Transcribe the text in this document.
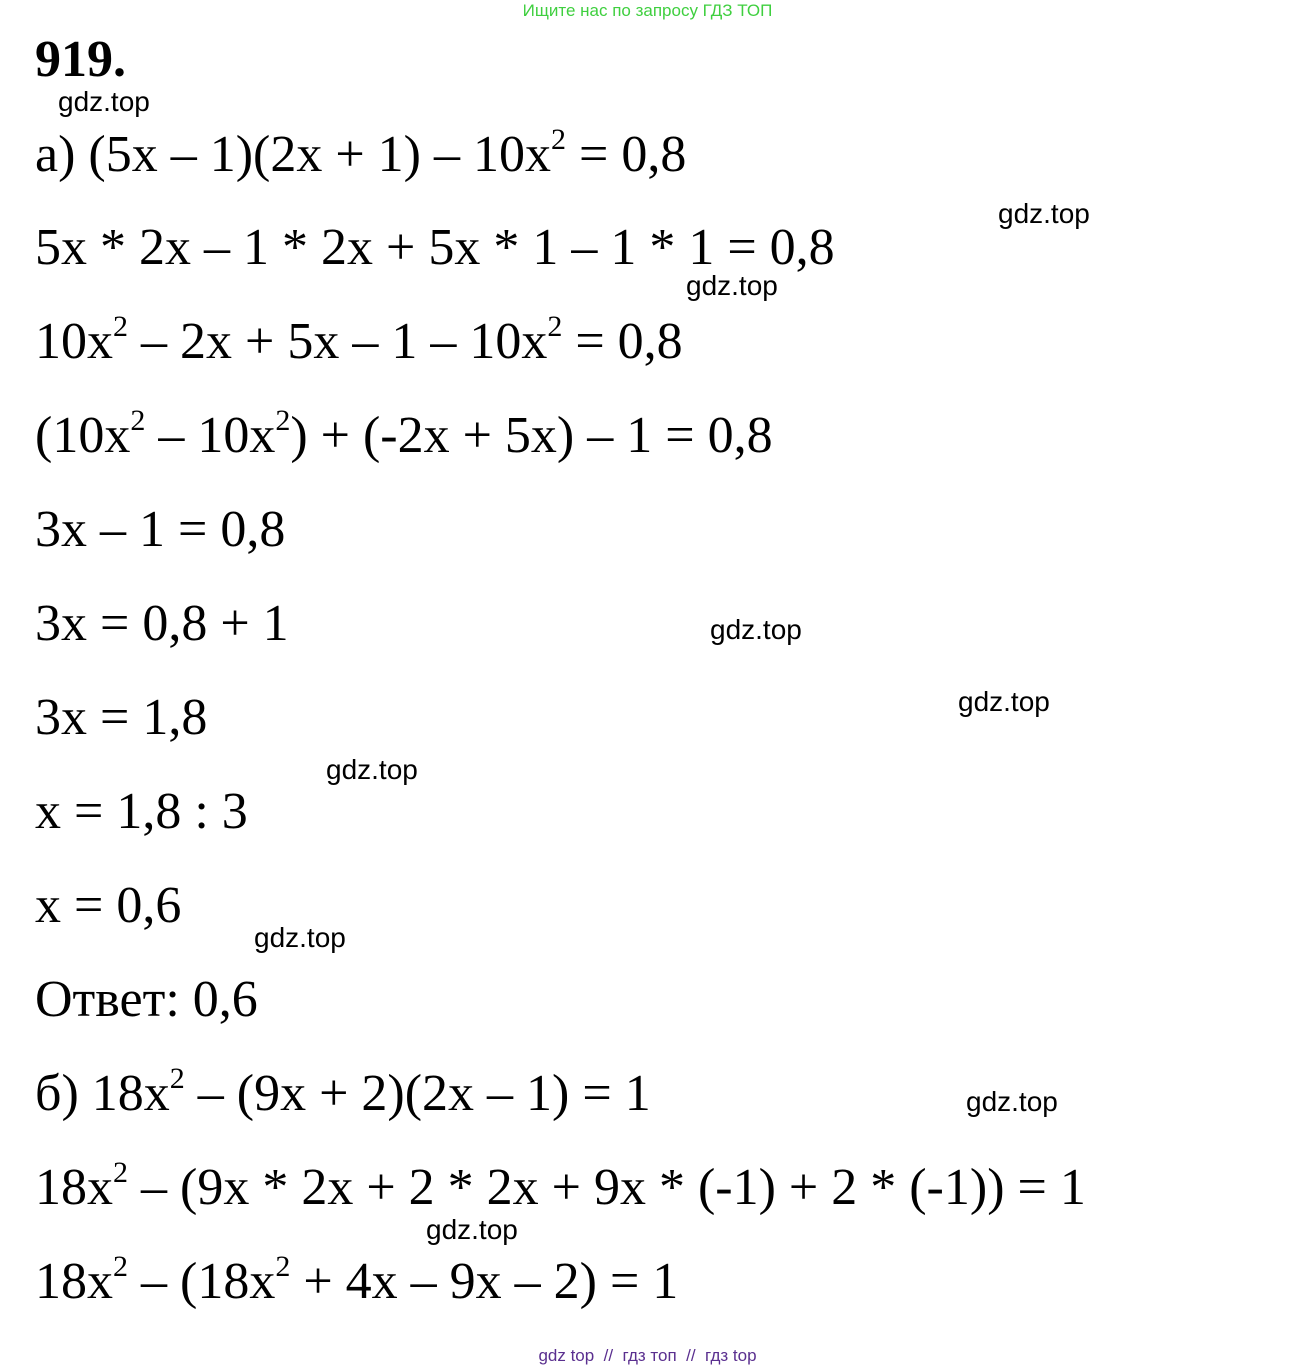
Ищите нас по запросу ГДЗ ТОП
919.
а) $(5x - 1)(2x + 1) - 10x^2 = 0,8$
5x * 2x – 1 * 2x + 5x * 1 – 1 * 1 = 0,8
$10x^2 - 2x + 5x - 1 - 10x^2 = 0,8$
$(10x^2 - 10x^2) + (-2x + 5x) - 1 = 0,8$
3x – 1 = 0,8
3x = 0,8 + 1
3x = 1,8
x = 1,8 : 3
x = 0,6
Ответ: 0,6
б) $18x^2 - (9x + 2)(2x - 1) = 1$
$18x^2 - (9x * 2x + 2 * 2x + 9x * (-1) + 2 * (-1)) = 1$
$18x^2 - (18x^2 + 4x - 9x - 2) = 1$
gdz.top
gdz.top
gdz.top
gdz.top
gdz.top
gdz.top
gdz.top
gdz.top
gdz.top
gdz top  //  гдз топ  //  гдз top
